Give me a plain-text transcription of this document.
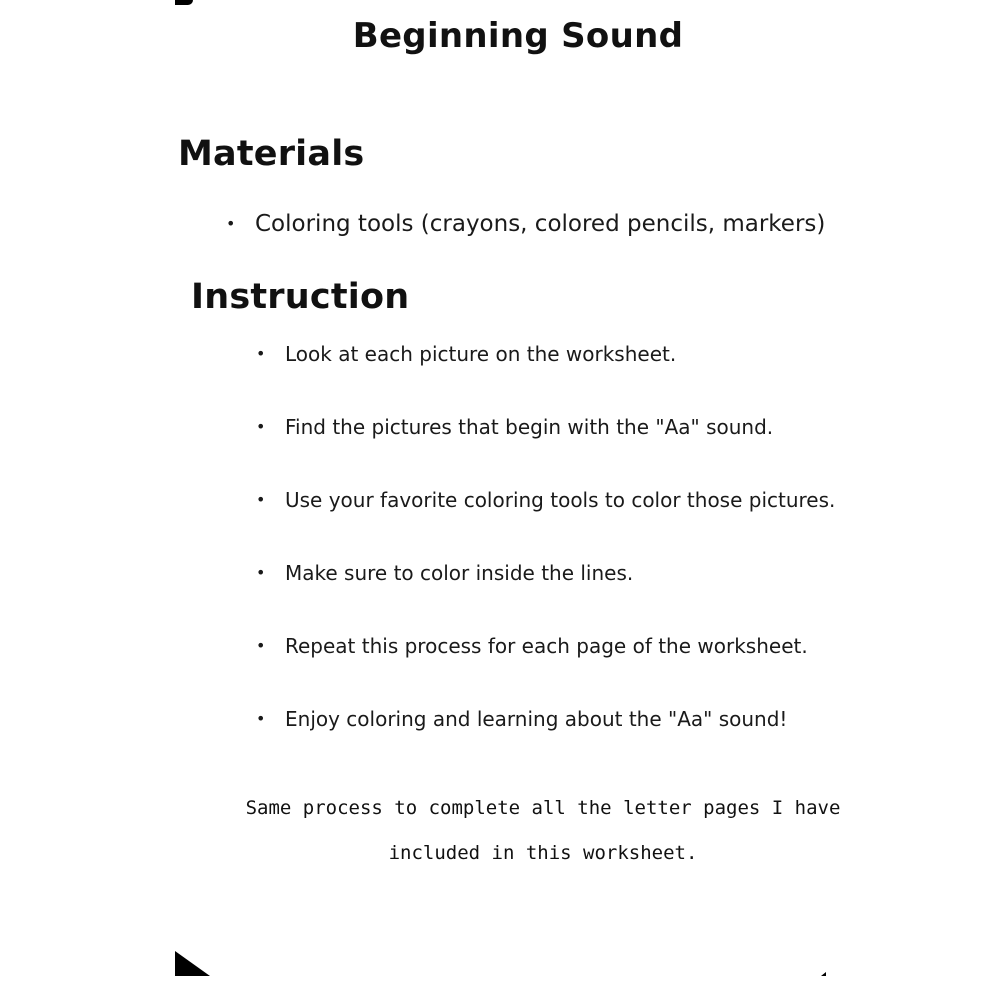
Beginning Sound
Materials
• Coloring tools (crayons, colored pencils, markers)
Instruction
• Look at each picture on the worksheet.
• Find the pictures that begin with the "Aa" sound.
• Use your favorite coloring tools to color those pictures.
• Make sure to color inside the lines.
• Repeat this process for each page of the worksheet.
• Enjoy coloring and learning about the "Aa" sound!

Same process to complete all the letter pages I have
included in this worksheet.
